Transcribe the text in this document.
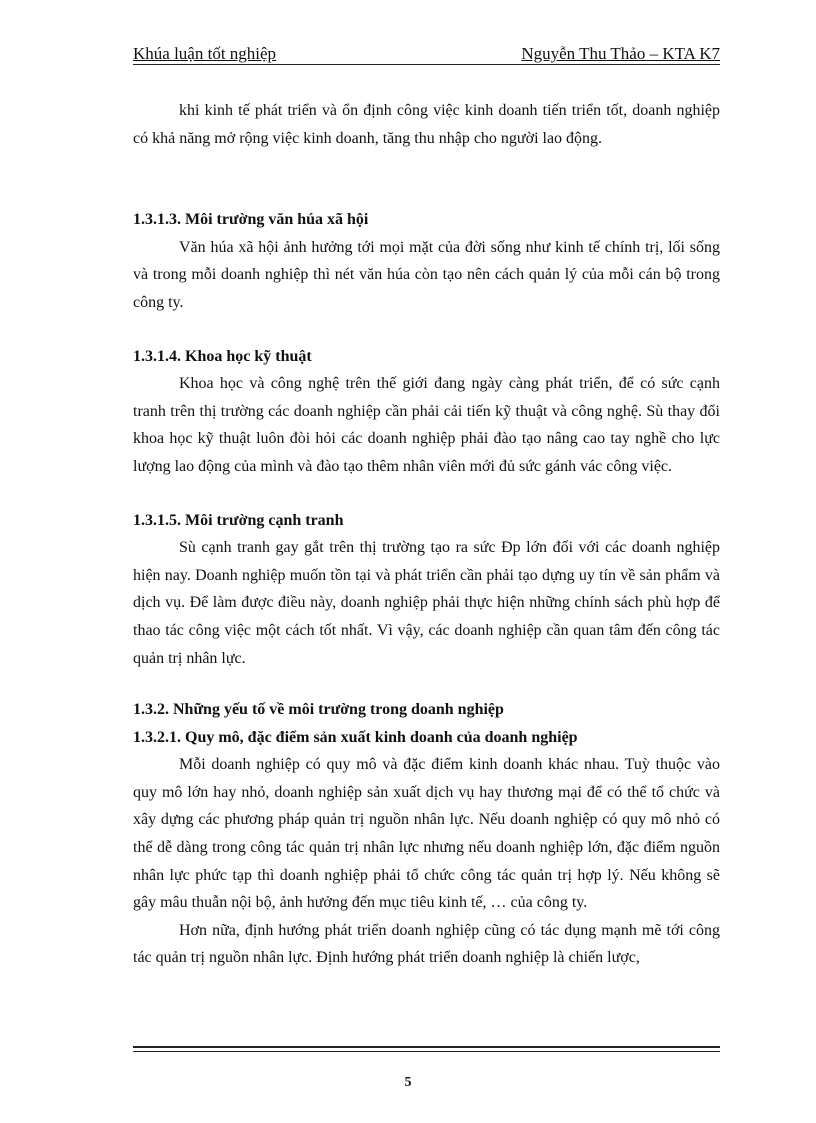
Khúa luận tốt nghiệp	Nguyễn Thu Thảo – KTA K7

khi kinh tế phát triển và ổn định công việc kinh doanh tiến triển tốt, doanh nghiệp có khả năng mở rộng việc kinh doanh, tăng thu nhập cho người lao động.

1.3.1.3. Môi trường văn húa xã hội

Văn húa xã hội ảnh hưởng tới mọi mặt của đời sống như kinh tế chính trị, lối sống và trong mỗi doanh nghiệp thì nét văn húa còn tạo nên cách quản lý của mỗi cán bộ trong công ty.

1.3.1.4. Khoa học kỹ thuật

Khoa học và công nghệ trên thế giới đang ngày càng phát triển, để có sức cạnh tranh trên thị trường các doanh nghiệp cần phải cải tiến kỹ thuật và công nghệ. Sù thay đổi khoa học kỹ thuật luôn đòi hỏi các doanh nghiệp phải đào tạo nâng cao tay nghề cho lực lượng lao động của mình và đào tạo thêm nhân viên mới đủ sức gánh vác công việc.

1.3.1.5. Môi trường cạnh tranh

Sù cạnh tranh gay gắt trên thị trường tạo ra sức Đp lớn đối với các doanh nghiệp hiện nay. Doanh nghiệp muốn tồn tại và phát triển cần phải tạo dựng uy tín về sản phẩm và dịch vụ. Để làm được điều này, doanh nghiệp phải thực hiện những chính sách phù hợp để thao tác công việc một cách tốt nhất. Vì vậy, các doanh nghiệp cần quan tâm đến công tác quản trị nhân lực.

1.3.2. Những yếu tố về môi trường trong doanh nghiệp
1.3.2.1. Quy mô, đặc điểm sản xuất kinh doanh của doanh nghiệp

Mỗi doanh nghiệp có quy mô và đặc điểm kinh doanh khác nhau. Tuỳ thuộc vào quy mô lớn hay nhỏ, doanh nghiệp sản xuất dịch vụ hay thương mại để có thể tổ chức và xây dựng các phương pháp quản trị nguồn nhân lực. Nếu doanh nghiệp có quy mô nhỏ có thể dễ dàng trong công tác quản trị nhân lực nhưng nếu doanh nghiệp lớn, đặc điểm nguồn nhân lực phức tạp thì doanh nghiệp phải tổ chức công tác quản trị hợp lý. Nếu không sẽ gây mâu thuẫn nội bộ, ảnh hưởng đến mục tiêu kinh tế, … của công ty.

Hơn nữa, định hướng phát triển doanh nghiệp cũng có tác dụng mạnh mẽ tới công tác quản trị nguồn nhân lực. Định hướng phát triển doanh nghiệp là chiến lược,

5
